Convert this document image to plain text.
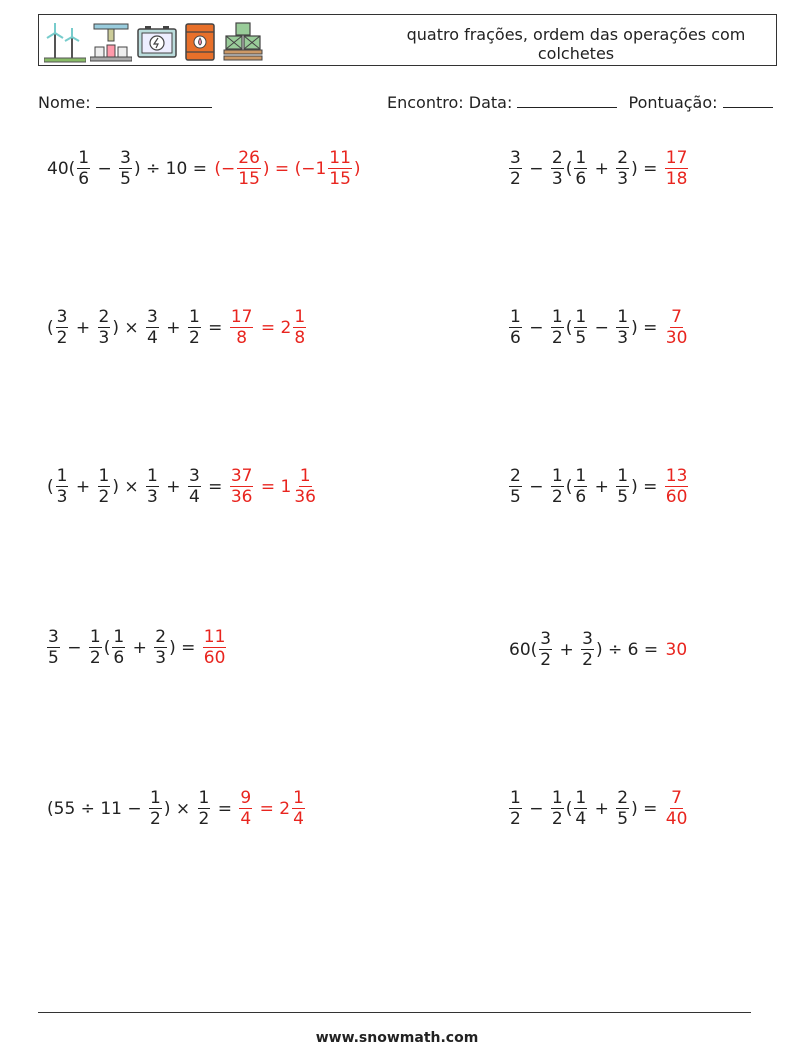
quatro frações, ordem das operações com colchetes
Nome:	Encontro: Data:	Pontuação:
$40( \frac{1}{6} - \frac{3}{5}$ ) ÷ 10 = (− $\frac{26}{15}$ ) = ($-1 \frac{11}{15}$ )	$\frac{3}{2} - \frac{2}{3}$ ( $\frac{1}{6} + \frac{2}{3}$ ) = $\frac{17}{18}$
( $\frac{3}{2} + \frac{2}{3}$ ) × $\frac{3}{4} + \frac{1}{2} = \frac{17}{8} = 2 \frac{1}{8}$	$\frac{1}{6} - \frac{1}{2}$ ( $\frac{1}{5} - \frac{1}{3}$ ) = $\frac{7}{30}$
( $\frac{1}{3} + \frac{1}{2}$ ) × $\frac{1}{3} + \frac{3}{4} = \frac{37}{36} = 1 \frac{1}{36}$	$\frac{2}{5} - \frac{1}{2}$ ( $\frac{1}{6} + \frac{1}{5}$ ) = $\frac{13}{60}$
$\frac{3}{5} - \frac{1}{2}$ ( $\frac{1}{6} + \frac{2}{3}$ ) = $\frac{11}{60}$	$60( \frac{3}{2} + \frac{3}{2}$ ) ÷ 6 = 30
($55 \div 11 - \frac{1}{2}$ ) × $\frac{1}{2} = \frac{9}{4} = 2 \frac{1}{4}$	$\frac{1}{2} - \frac{1}{2}$ ( $\frac{1}{4} + \frac{2}{5}$ ) = $\frac{7}{40}$
www.snowmath.com
